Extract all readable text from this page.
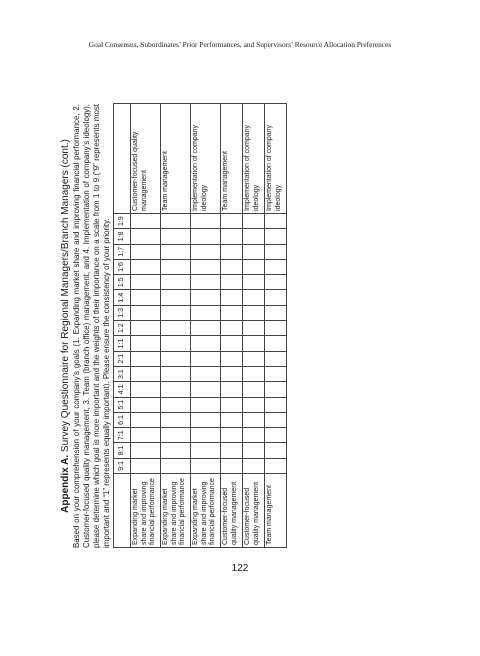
Goal Consensus, Subordinates’ Prior Performances, and Supervisors’ Resource Allocation Preferences
Appendix A. Survey Questionnaire for Regional Managers/Branch Managers (cont.) Based on your comprehension of your company’s goals (1. Expanding market share and improving financial performance, 2. Customer-focused quality management, 3. Team (branch office) management, and 4. Implementation of company’s ideology), please determine which goal is more important and the weights of their importance on a scale from 1 to 9 (“9” represents most important and “1” represents equally important). Please ensure the consistency of your priority.

	9:1	8:1	7:1	6:1	5:1	4:1	3:1	2:1	1:1	1:2	1:3	1:4	1:5	1:6	1:7	1:8	1:9	
Expanding market share and improving financial performance																		Customer-focused quality management
Expanding market share and improving financial performance																		Team management
Expanding market share and improving financial performance																		Implementation of company ideology
Customer-focused quality management																		Team management
Customer-focused quality management																		Implementation of company ideology
Team management																		Implementation of company ideology
122
